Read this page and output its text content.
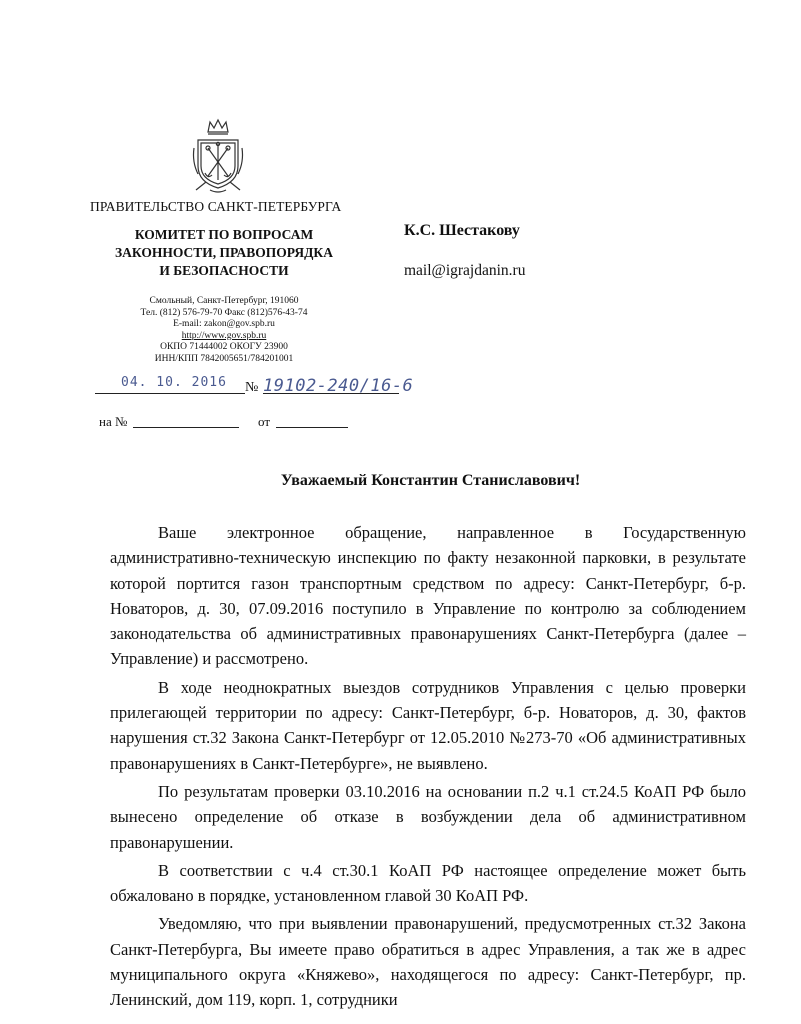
ПРАВИТЕЛЬСТВО САНКТ-ПЕТЕРБУРГА
КОМИТЕТ ПО ВОПРОСАМ
ЗАКОННОСТИ, ПРАВОПОРЯДКА
И БЕЗОПАСНОСТИ
Смольный, Санкт-Петербург, 191060
Тел. (812) 576-79-70 Факс (812)576-43-74
E-mail: zakon@gov.spb.ru
http://www.gov.spb.ru
ОКПО 71444002 ОКОГУ 23900
ИНН/КПП 7842005651/784201001
04. 10. 2016 № 19102-240/16-6
на №	от
К.С. Шестакову
mail@igrajdanin.ru
Уважаемый Константин Станиславович!

Ваше электронное обращение, направленное в Государственную административно-техническую инспекцию по факту незаконной парковки, в результате которой портится газон транспортным средством по адресу: Санкт-Петербург, б-р. Новаторов, д. 30, 07.09.2016 поступило в Управление по контролю за соблюдением законодательства об административных правонарушениях Санкт-Петербурга (далее – Управление) и рассмотрено.

В ходе неоднократных выездов сотрудников Управления с целью проверки прилегающей территории по адресу: Санкт-Петербург, б-р. Новаторов, д. 30, фактов нарушения ст.32 Закона Санкт-Петербург от 12.05.2010 №273-70 «Об административных правонарушениях в Санкт-Петербурге», не выявлено.

По результатам проверки 03.10.2016 на основании п.2 ч.1 ст.24.5 КоАП РФ было вынесено определение об отказе в возбуждении дела об административном правонарушении.

В соответствии с ч.4 ст.30.1 КоАП РФ настоящее определение может быть обжаловано в порядке, установленном главой 30 КоАП РФ.

Уведомляю, что при выявлении правонарушений, предусмотренных ст.32 Закона Санкт-Петербурга, Вы имеете право обратиться в адрес Управления, а так же в адрес муниципального округа «Княжево», находящегося по адресу: Санкт-Петербург, пр. Ленинский, дом 119, корп. 1, сотрудники
